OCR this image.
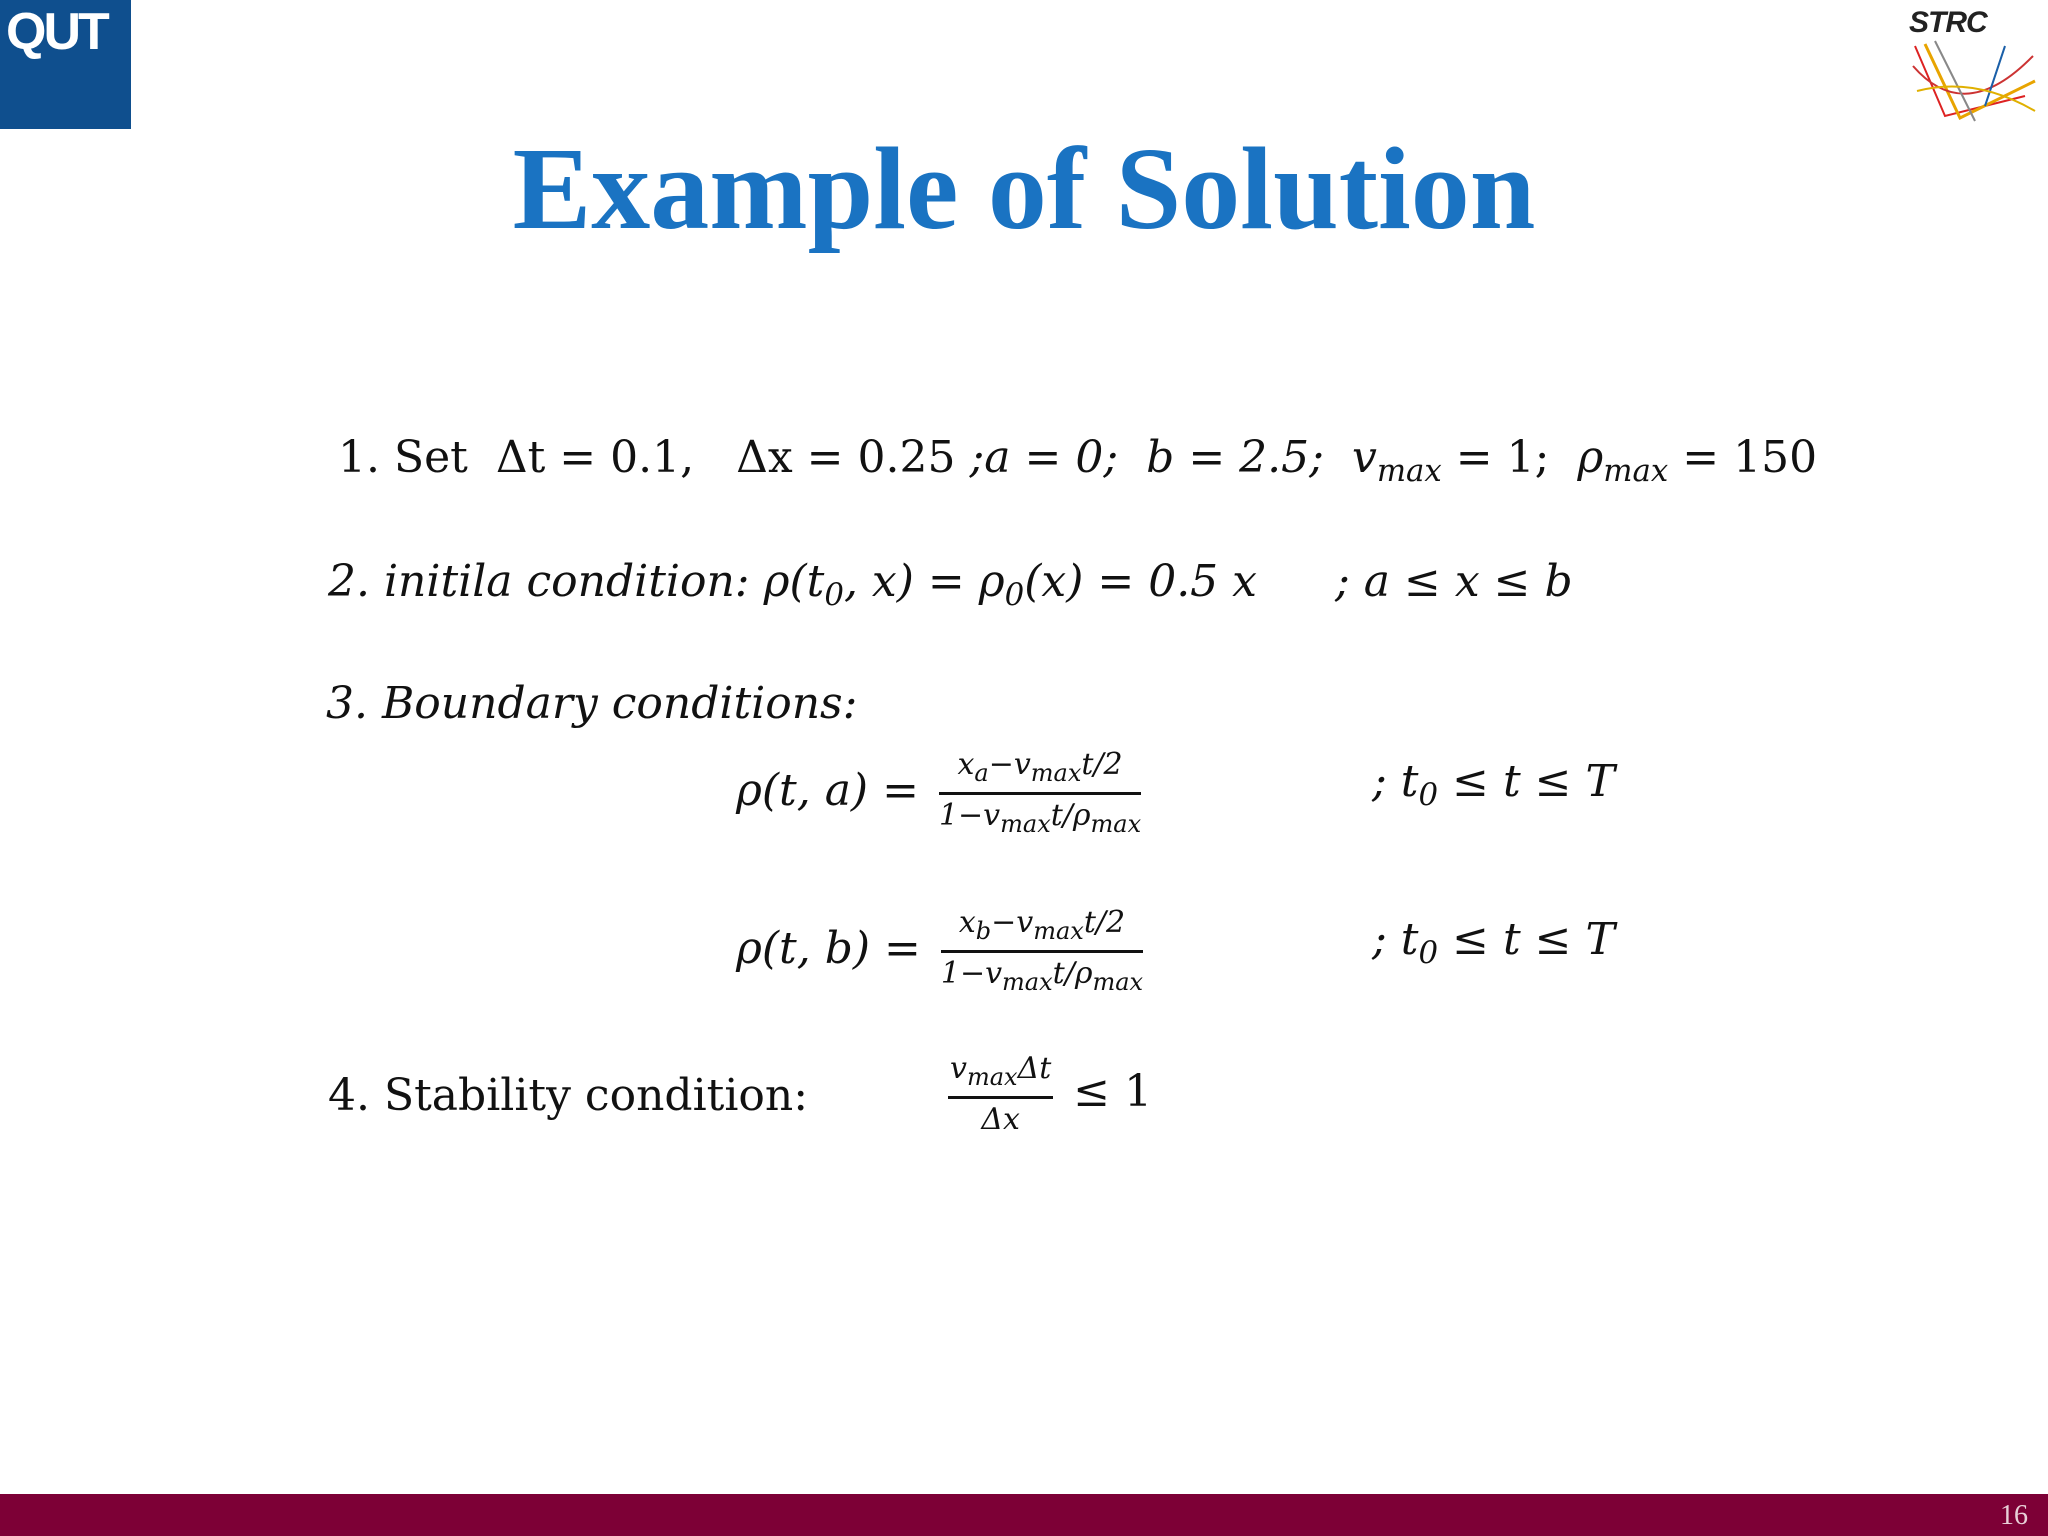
QUT	STRC
Example of Solution
1. Set Δt = 0.1, Δx = 0.25 ;a = 0; b = 2.5; $v_{max} = 1$; $\rho_{max} = 150$
2. initila condition: $\rho(t_0$, $x) = \rho_0(x) = 0.5$ x ; a ≤ x ≤ b
3. Boundary conditions:
ρ(t, $a) = \frac{x_a-v_{max}t/2}{1-v_{max}t/\rho_{max}}$	; $t_0 \le t \le T$
ρ(t, $b) = \frac{x_b-v_{max}t/2}{1-v_{max}t/\rho_{max}}$	; $t_0 \le t \le T$
4. Stability condition:	$\frac{v_{max}\Delta t}{\Delta x} \le 1$
16
